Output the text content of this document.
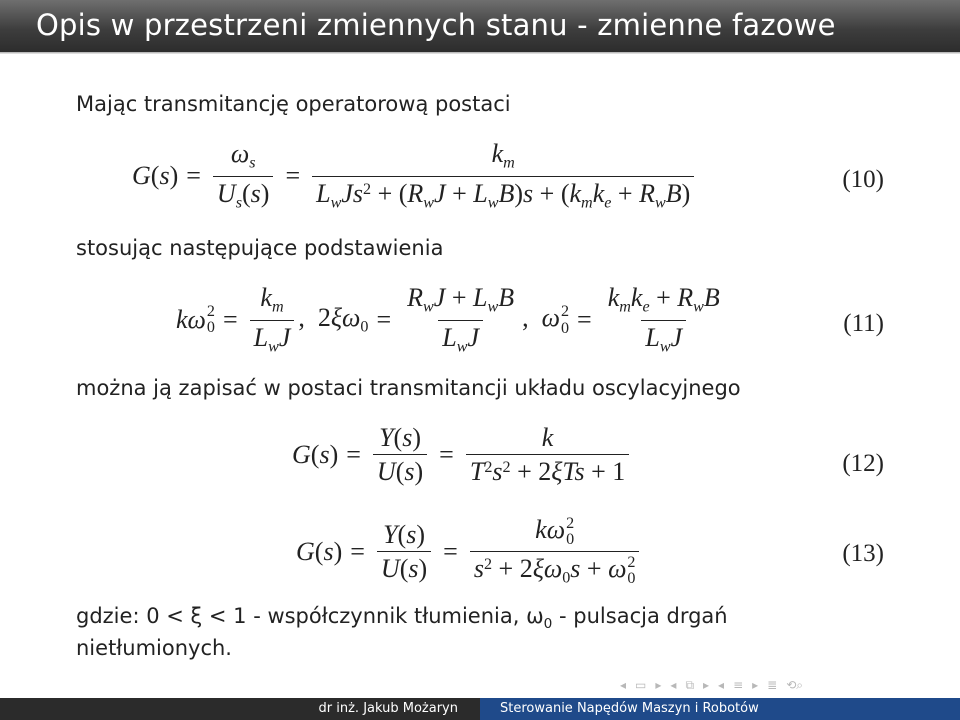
Opis w przestrzeni zmiennych stanu - zmienne fazowe
Mając transmitancję operatorową postaci
G ( s ) = $\frac{\omega_s}{U_s(s)} = \frac{k_m}{L_wJs^2 + (R_wJ + L_wB)s + (k_mk_e + R_wB)}$	(10)
stosując następujące podstawienia
kω 2
$0 = \frac{k_m}{L_wJ}$ ,  $2\xi\omega_0 = \frac{R_wJ + L_wB}{L_wJ}$ ,  ω 2
$0 = \frac{k_mk_e + R_wB}{L_wJ}$	(11)
można ją zapisać w postaci transmitancji układu oscylacyjnego
G ( s ) = $\frac{Y(s)}{U(s)} = \frac{k}{T^2s^2 + 2\xi Ts + 1}$	(12)
G ( s ) = $\frac{Y(s)}{U(s)} = k\omega$ 2
0
$s^2 + 2\xi\omega_0s + \omega$ 2
0	(13)
gdzie: 0 < ξ < 1 - współczynnik tłumienia, $\omega_0$ - pulsacja drgań
nietłumionych.
◂ ▭ ▸ ◂ ⧉ ▸ ◂ ≡ ▸ ≣ ⟲⌕
dr inż. Jakub Możaryn	Sterowanie Napędów Maszyn i Robotów
